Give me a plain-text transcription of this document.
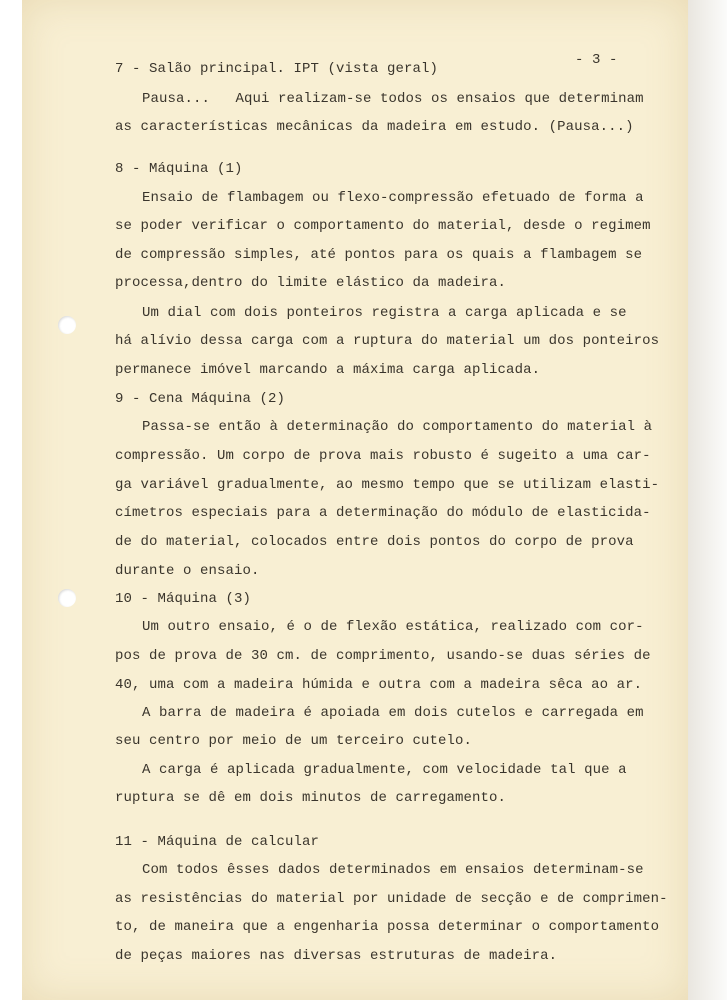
- 3 -
7 - Salão principal. IPT (vista geral)
Pausa...   Aqui realizam-se todos os ensaios que determinam
as características mecânicas da madeira em estudo. (Pausa...)
8 - Máquina (1)
Ensaio de flambagem ou flexo-compressão efetuado de forma a
se poder verificar o comportamento do material, desde o regimem
de compressão simples, até pontos para os quais a flambagem se
processa,dentro do limite elástico da madeira.
Um dial com dois ponteiros registra a carga aplicada e se
há alívio dessa carga com a ruptura do material um dos ponteiros
permanece imóvel marcando a máxima carga aplicada.
9 - Cena Máquina (2)
Passa-se então à determinação do comportamento do material à
compressão. Um corpo de prova mais robusto é sugeito a uma car-
ga variável gradualmente, ao mesmo tempo que se utilizam elasti-
címetros especiais para a determinação do módulo de elasticida-
de do material, colocados entre dois pontos do corpo de prova
durante o ensaio.
10 - Máquina (3)
Um outro ensaio, é o de flexão estática, realizado com cor-
pos de prova de 30 cm. de comprimento, usando-se duas séries de
40, uma com a madeira húmida e outra com a madeira sêca ao ar.
A barra de madeira é apoiada em dois cutelos e carregada em
seu centro por meio de um terceiro cutelo.
A carga é aplicada gradualmente, com velocidade tal que a
ruptura se dê em dois minutos de carregamento.
11 - Máquina de calcular
Com todos êsses dados determinados em ensaios determinam-se
as resistências do material por unidade de secção e de comprimen-
to, de maneira que a engenharia possa determinar o comportamento
de peças maiores nas diversas estruturas de madeira.
